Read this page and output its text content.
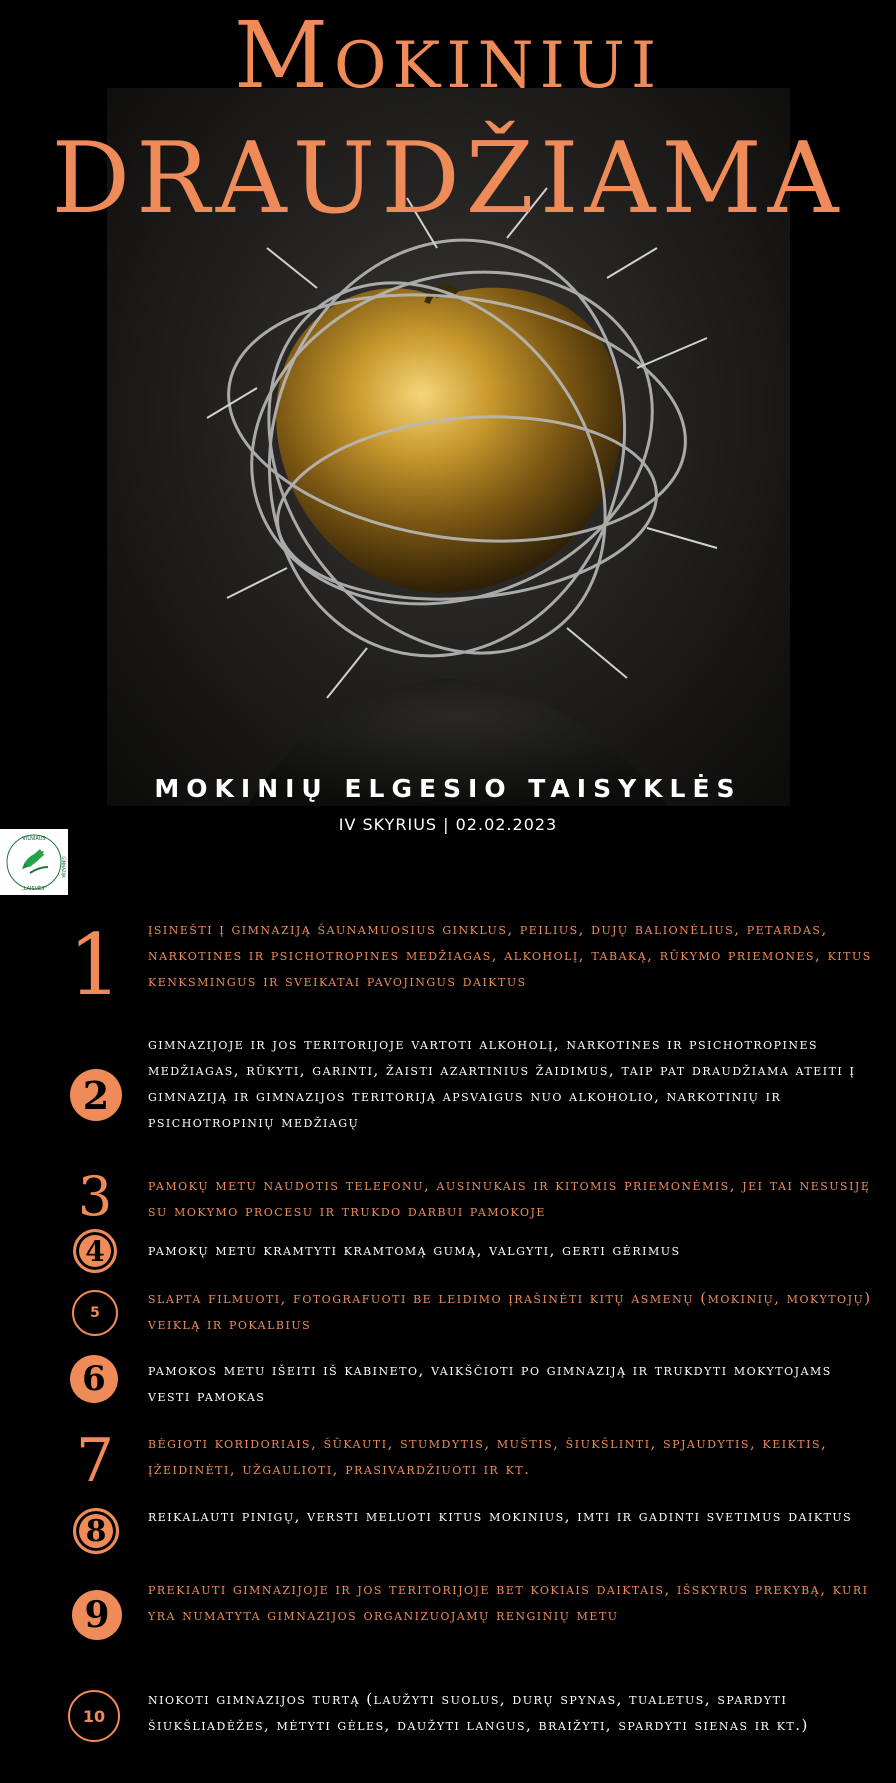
Mokiniui
DRAUDŽIAMA
MOKINIŲ ELGESIO TAISYKLĖS
IV SKYRIUS | 02.02.2023
VILNIAUS
„LAISVĖS"
GIMNAZIJA
1	įsinešti į gimnaziją šaunamuosius ginklus, peilius, dujų balionėlius, petardas, narkotines ir psichotropines medžiagas, alkoholį, tabaką, rūkymo priemones, kitus kenksmingus ir sveikatai pavojingus daiktus

2

gimnazijoje ir jos teritorijoje vartoti alkoholį, narkotines ir psichotropines medžiagas, rūkyti, garinti, žaisti azartinius žaidimus, taip pat draudžiama ateiti į gimnaziją ir gimnazijos teritoriją apsvaigus nuo alkoholio, narkotinių ir psichotropinių medžiagų

3	pamokų metu naudotis telefonu, ausinukais ir kitomis priemonėmis, jei tai nesusiję su mokymo procesu ir trukdo darbui pamokoje

4	pamokų metu kramtyti kramtomą gumą, valgyti, gerti gėrimus

5

slapta filmuoti, fotografuoti be leidimo įrašinėti kitų asmenų (mokinių, mokytojų) veiklą ir pokalbius

6	pamokos metu išeiti iš kabineto, vaikščioti po gimnaziją ir trukdyti mokytojams vesti pamokas

7	bėgioti koridoriais, šūkauti, stumdytis, muštis, šiukšlinti, spjaudytis, keiktis, įžeidinėti, užgaulioti, prasivardžiuoti ir kt.

8	reikalauti pinigų, versti meluoti kitus mokinius, imti ir gadinti svetimus daiktus

9

prekiauti gimnazijoje ir jos teritorijoje bet kokiais daiktais, išskyrus prekybą, kuri yra numatyta gimnazijos organizuojamų renginių metu

10

niokoti gimnazijos turtą (laužyti suolus, durų spynas, tualetus, spardyti šiukšliadėžes, mėtyti gėles, daužyti langus, braižyti, spardyti sienas ir kt.)
